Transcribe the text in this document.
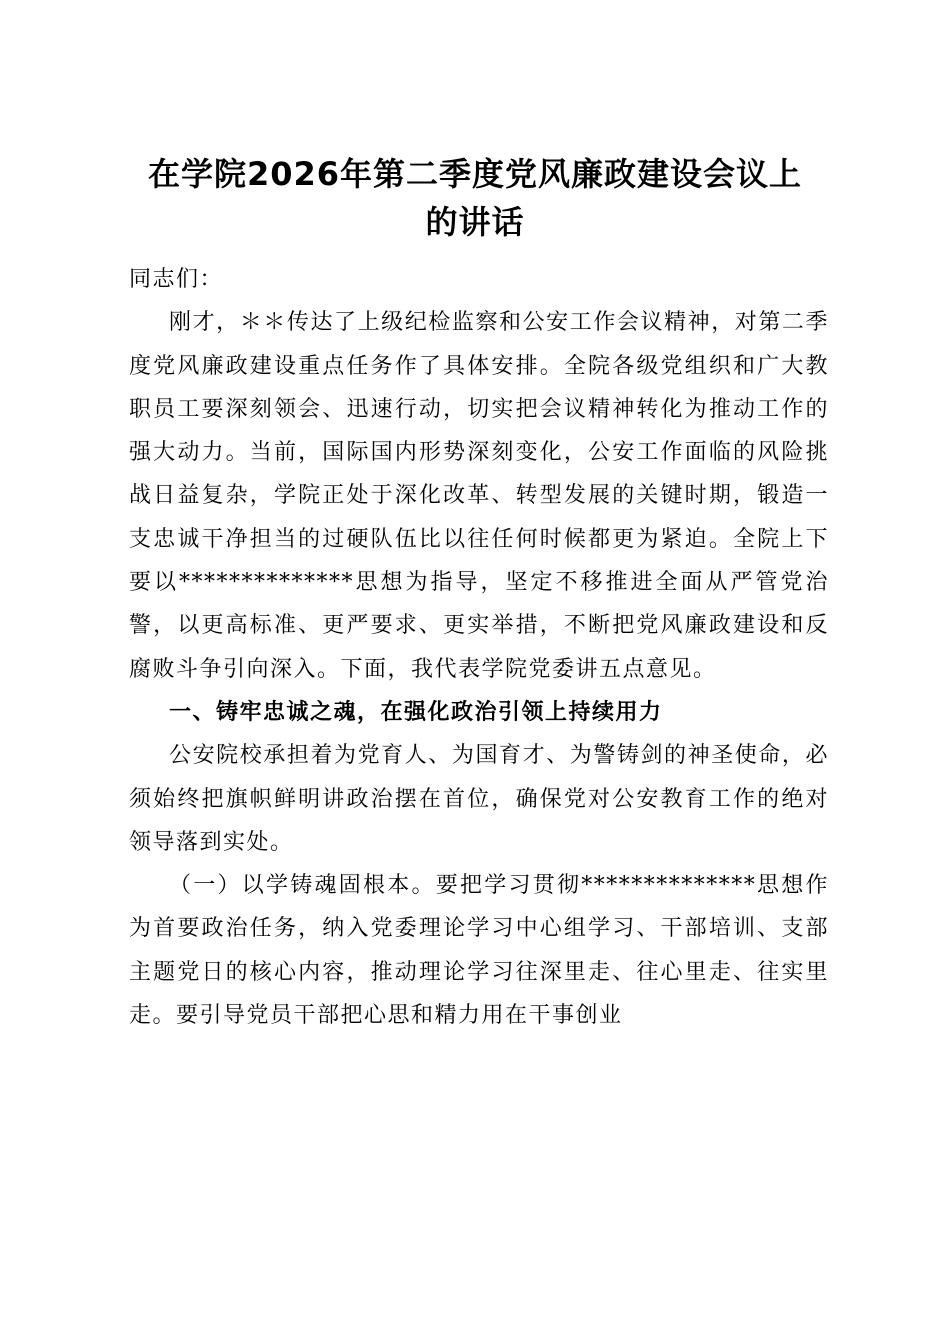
在学院2026年第二季度党风廉政建设会议上
的讲话

同志们：

刚才，＊＊传达了上级纪检监察和公安工作会议精神，对第二季度党风廉政建设重点任务作了具体安排。全院各级党组织和广大教职员工要深刻领会、迅速行动，切实把会议精神转化为推动工作的强大动力。当前，国际国内形势深刻变化，公安工作面临的风险挑战日益复杂，学院正处于深化改革、转型发展的关键时期，锻造一支忠诚干净担当的过硬队伍比以往任何时候都更为紧迫。全院上下要以**************思想为指导，坚定不移推进全面从严管党治警，以更高标准、更严要求、更实举措，不断把党风廉政建设和反腐败斗争引向深入。下面，我代表学院党委讲五点意见。

一、铸牢忠诚之魂，在强化政治引领上持续用力

公安院校承担着为党育人、为国育才、为警铸剑的神圣使命，必须始终把旗帜鲜明讲政治摆在首位，确保党对公安教育工作的绝对领导落到实处。

（一）以学铸魂固根本。要把学习贯彻**************思想作为首要政治任务，纳入党委理论学习中心组学习、干部培训、支部主题党日的核心内容，推动理论学习往深里走、往心里走、往实里走。要引导党员干部把心思和精力用在干事创业
